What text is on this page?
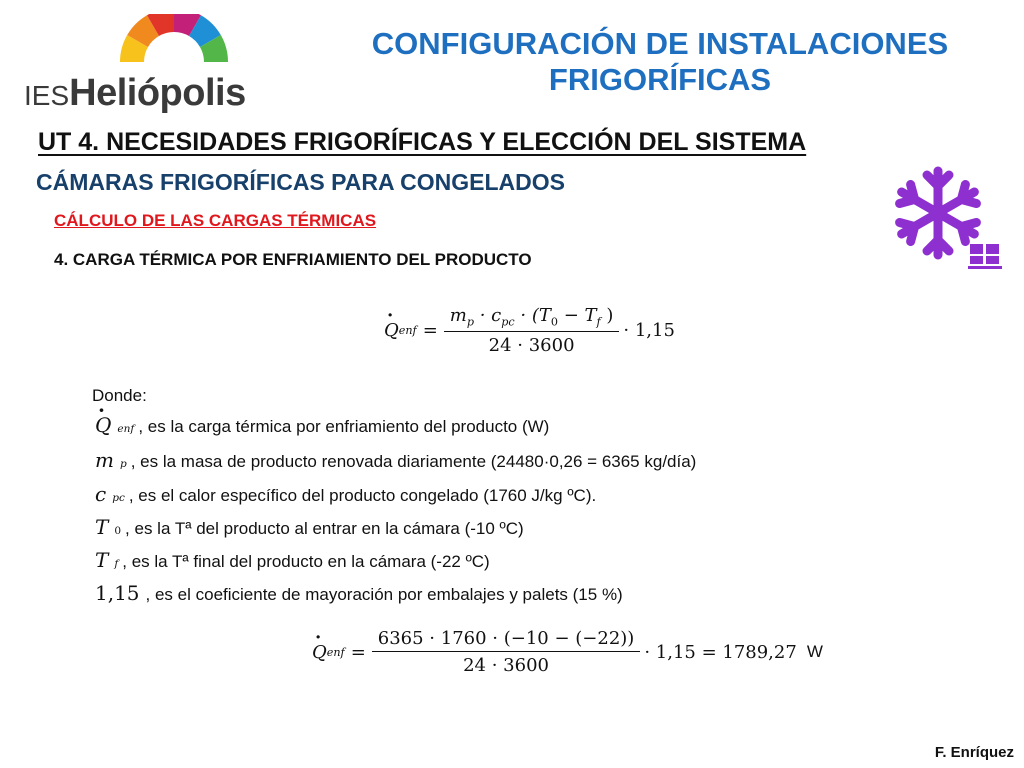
IESHeliópolis
CONFIGURACIÓN DE INSTALACIONES
FRIGORÍFICAS
UT 4. NECESIDADES FRIGORÍFICAS Y ELECCIÓN DEL SISTEMA
CÁMARAS FRIGORÍFICAS PARA CONGELADOS
CÁLCULO DE LAS CARGAS TÉRMICAS
4. CARGA TÉRMICA POR ENFRIAMIENTO DEL PRODUCTO
· Q enf = $\frac{m_p \cdot c_{pc} \cdot (T_0 - T_f )}{24 \cdot 3600} \cdot 1,15$
Donde:
· Q $_{enf}$ , es la carga térmica por enfriamiento del producto (W)
m $_p$ , es la masa de producto renovada diariamente (24480·0,26 = 6365 kg/día)
c $_{pc}$ , es el calor específico del producto congelado (1760 J/kg ºC).
T $_0$ , es la Tª del producto al entrar en la cámara (-10 ºC)
T $_f$ , es la Tª final del producto en la cámara (-22 ºC)
1,15 , es el coeficiente de mayoración por embalajes y palets (15 %)
· Q enf = $\frac{6365 \cdot 1760 \cdot (-10 - (-22))}{24 \cdot 3600} \cdot 1,15 = 1789,27$ W
F. Enríquez
